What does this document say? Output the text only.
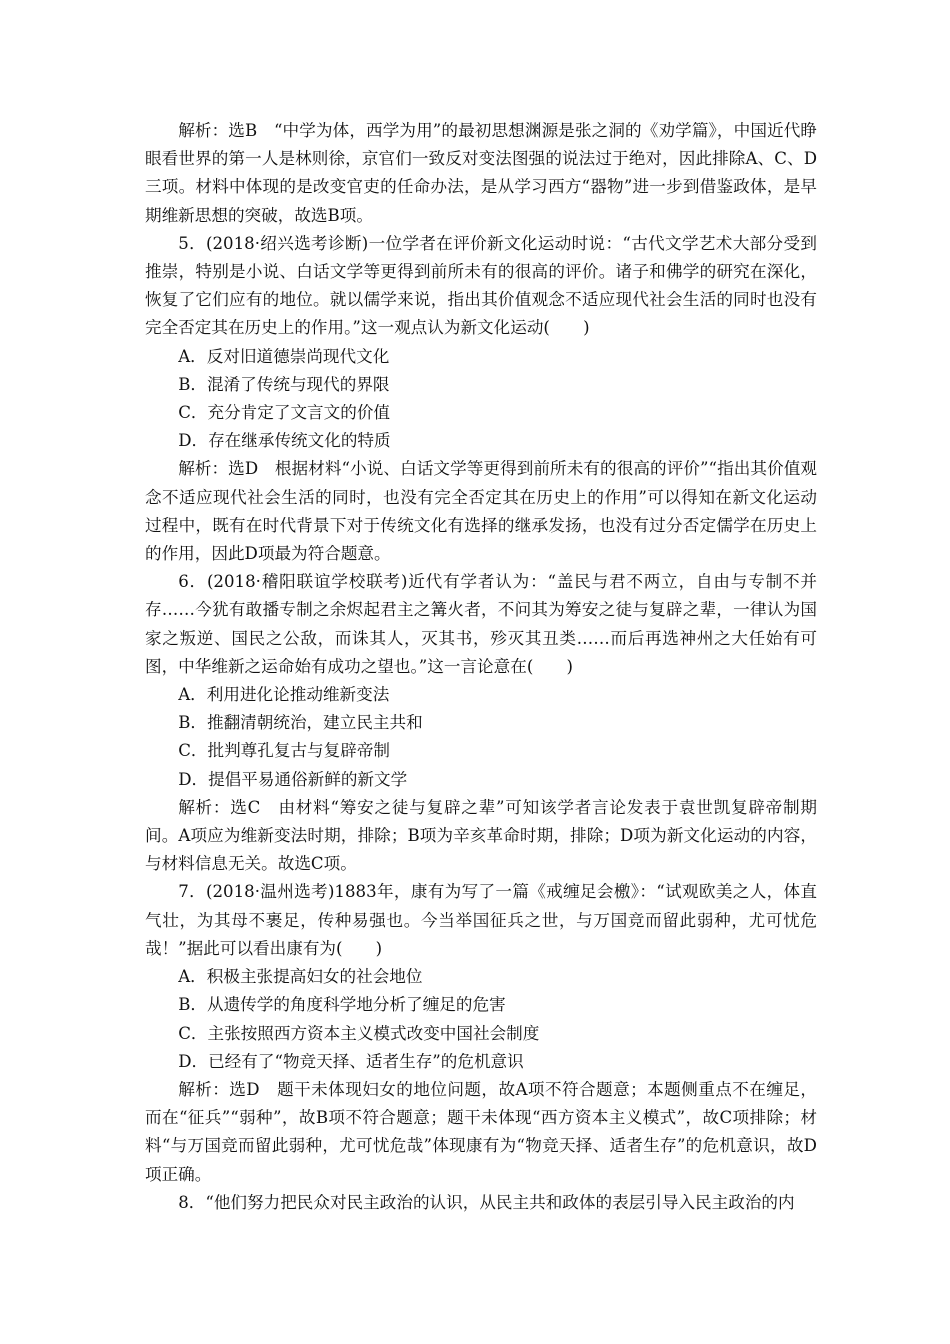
解析：选B　“中学为体，西学为用”的最初思想渊源是张之洞的《劝学篇》，中国近代睁眼看世界的第一人是林则徐，京官们一致反对变法图强的说法过于绝对，因此排除A、C、D三项。材料中体现的是改变官吏的任命办法，是从学习西方“器物”进一步到借鉴政体，是早期维新思想的突破，故选B项。

5．(2018·绍兴选考诊断)一位学者在评价新文化运动时说：“古代文学艺术大部分受到推崇，特别是小说、白话文学等更得到前所未有的很高的评价。诸子和佛学的研究在深化，恢复了它们应有的地位。就以儒学来说，指出其价值观念不适应现代社会生活的同时也没有完全否定其在历史上的作用。”这一观点认为新文化运动(　　)

A．反对旧道德崇尚现代文化

B．混淆了传统与现代的界限

C．充分肯定了文言文的价值

D．存在继承传统文化的特质

解析：选D　根据材料“小说、白话文学等更得到前所未有的很高的评价”“指出其价值观念不适应现代社会生活的同时，也没有完全否定其在历史上的作用”可以得知在新文化运动过程中，既有在时代背景下对于传统文化有选择的继承发扬，也没有过分否定儒学在历史上的作用，因此D项最为符合题意。

6．(2018·稽阳联谊学校联考)近代有学者认为：“盖民与君不两立，自由与专制不并存……今犹有敢播专制之余烬起君主之篝火者，不问其为筹安之徒与复辟之辈，一律认为国家之叛逆、国民之公敌，而诛其人，灭其书，殄灭其丑类……而后再选神州之大任始有可图，中华维新之运命始有成功之望也。”这一言论意在(　　)

A．利用进化论推动维新变法

B．推翻清朝统治，建立民主共和

C．批判尊孔复古与复辟帝制

D．提倡平易通俗新鲜的新文学

解析：选C　由材料“筹安之徒与复辟之辈”可知该学者言论发表于袁世凯复辟帝制期间。A项应为维新变法时期，排除；B项为辛亥革命时期，排除；D项为新文化运动的内容，与材料信息无关。故选C项。

7．(2018·温州选考)1883年，康有为写了一篇《戒缠足会檄》：“试观欧美之人，体直气壮，为其母不裹足，传种易强也。今当举国征兵之世，与万国竞而留此弱种，尤可忧危哉！”据此可以看出康有为(　　)

A．积极主张提高妇女的社会地位

B．从遗传学的角度科学地分析了缠足的危害

C．主张按照西方资本主义模式改变中国社会制度

D．已经有了“物竞天择、适者生存”的危机意识

解析：选D　题干未体现妇女的地位问题，故A项不符合题意；本题侧重点不在缠足，而在“征兵”“弱种”，故B项不符合题意；题干未体现“西方资本主义模式”，故C项排除；材料“与万国竞而留此弱种，尤可忧危哉”体现康有为“物竞天择、适者生存”的危机意识，故D项正确。

8．“他们努力把民众对民主政治的认识，从民主共和政体的表层引导入民主政治的内
